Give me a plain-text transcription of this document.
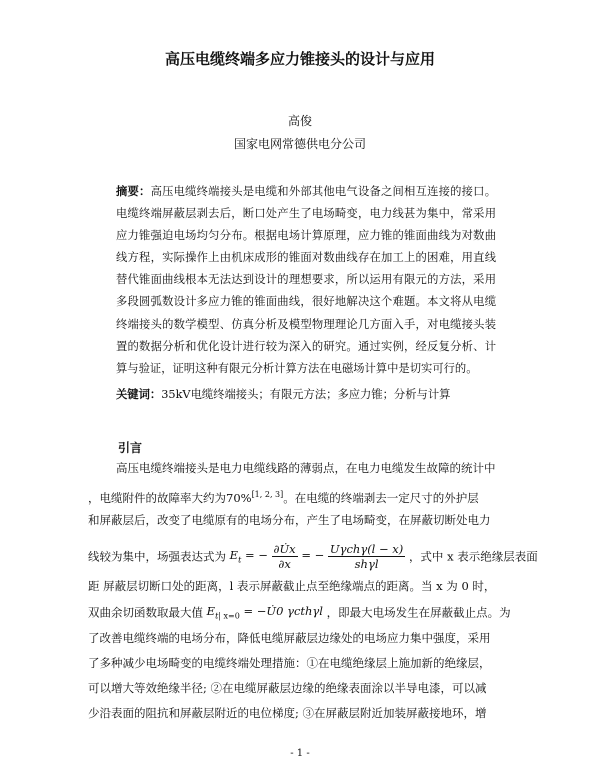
高压电缆终端多应力锥接头的设计与应用
高俊
国家电网常德供电分公司
摘要：高压电缆终端接头是电缆和外部其他电气设备之间相互连接的接口。电缆终端屏蔽层剥去后，断口处产生了电场畸变，电力线甚为集中，常采用应力锥强迫电场均匀分布。根据电场计算原理，应力锥的锥面曲线为对数曲线方程，实际操作上由机床成形的锥面对数曲线存在加工上的困难，用直线替代锥面曲线根本无法达到设计的理想要求，所以运用有限元的方法，采用多段圆弧数设计多应力锥的锥面曲线，很好地解决这个难题。本文将从电缆终端接头的数学模型、仿真分析及模型物理理论几方面入手，对电缆接头装置的数据分析和优化设计进行较为深入的研究。通过实例，经反复分析、计算与验证，证明这种有限元分析计算方法在电磁场计算中是切实可行的。
关键词：35kV电缆终端接头；有限元方法；多应力锥；分析与计算
引言
高压电缆终端接头是电力电缆线路的薄弱点，在电力电缆发生故障的统计中
，电缆附件的故障率大约为70%[1, 2, 3]。在电缆的终端剥去一定尺寸的外护层
和屏蔽层后，改变了电缆原有的电场分布，产生了电场畸变，在屏蔽切断处电力
线较为集中，场强表达式为 $E_t$ = − $\frac{\partial U̇x}{\partial x}$ = − $\frac{\text{Uγchγ(l − x)}}{\text{shγl}}$ ，式中 x 表示绝缘层表面
距 屏蔽层切断口处的距离，l 表示屏蔽截止点至绝缘端点的距离。当 x 为 0 时，
双曲余切函数取最大值 $E_{t| x=0}$ = −U̇0 γcthγl ，即最大电场发生在屏蔽截止点。为
了改善电缆终端的电场分布，降低电缆屏蔽层边缘处的电场应力集中强度，采用
了多种减少电场畸变的电缆终端处理措施：①在电缆绝缘层上施加新的绝缘层，
可以增大等效绝缘半径; ②在电缆屏蔽层边缘的绝缘表面涂以半导电漆，可以减
少沿表面的阻抗和屏蔽层附近的电位梯度; ③在屏蔽层附近加装屏蔽接地环，增
- 1 -
